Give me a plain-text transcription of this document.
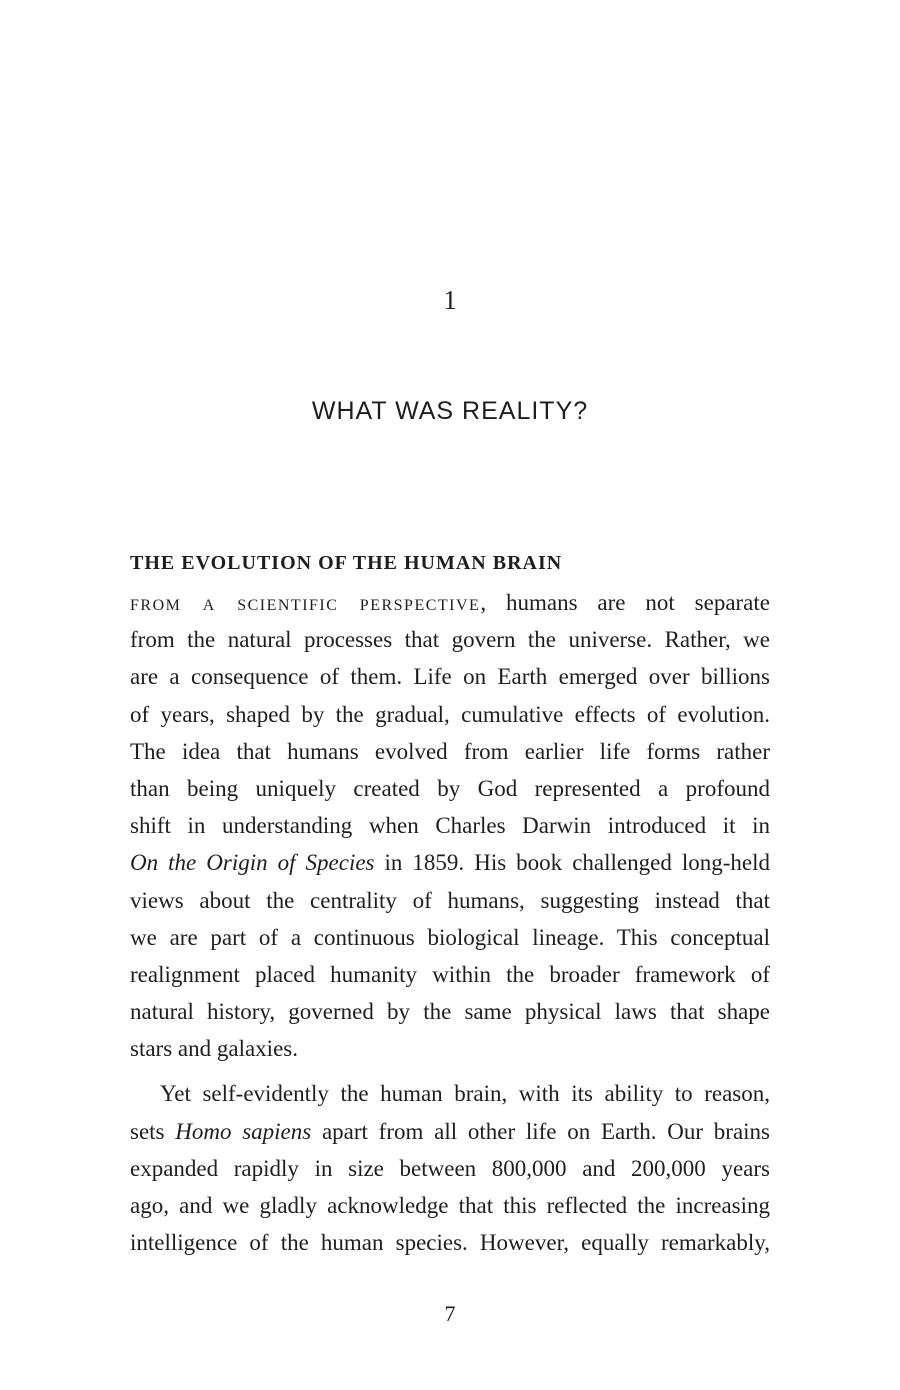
1
WHAT WAS REALITY?
THE EVOLUTION OF THE HUMAN BRAIN
from a scientific perspective, humans are not separate
from the natural processes that govern the universe. Rather, we
are a consequence of them. Life on Earth emerged over billions
of years, shaped by the gradual, cumulative effects of evolution.
The idea that humans evolved from earlier life forms rather
than being uniquely created by God represented a profound
shift in understanding when Charles Darwin introduced it in
On the Origin of Species in 1859. His book challenged long-held
views about the centrality of humans, suggesting instead that
we are part of a continuous biological lineage. This conceptual
realignment placed humanity within the broader framework of
natural history, governed by the same physical laws that shape
stars and galaxies.
Yet self-evidently the human brain, with its ability to reason,
sets Homo sapiens apart from all other life on Earth. Our brains
expanded rapidly in size between 800,000 and 200,000 years
ago, and we gladly acknowledge that this reflected the increasing
intelligence of the human species. However, equally remarkably,
7
